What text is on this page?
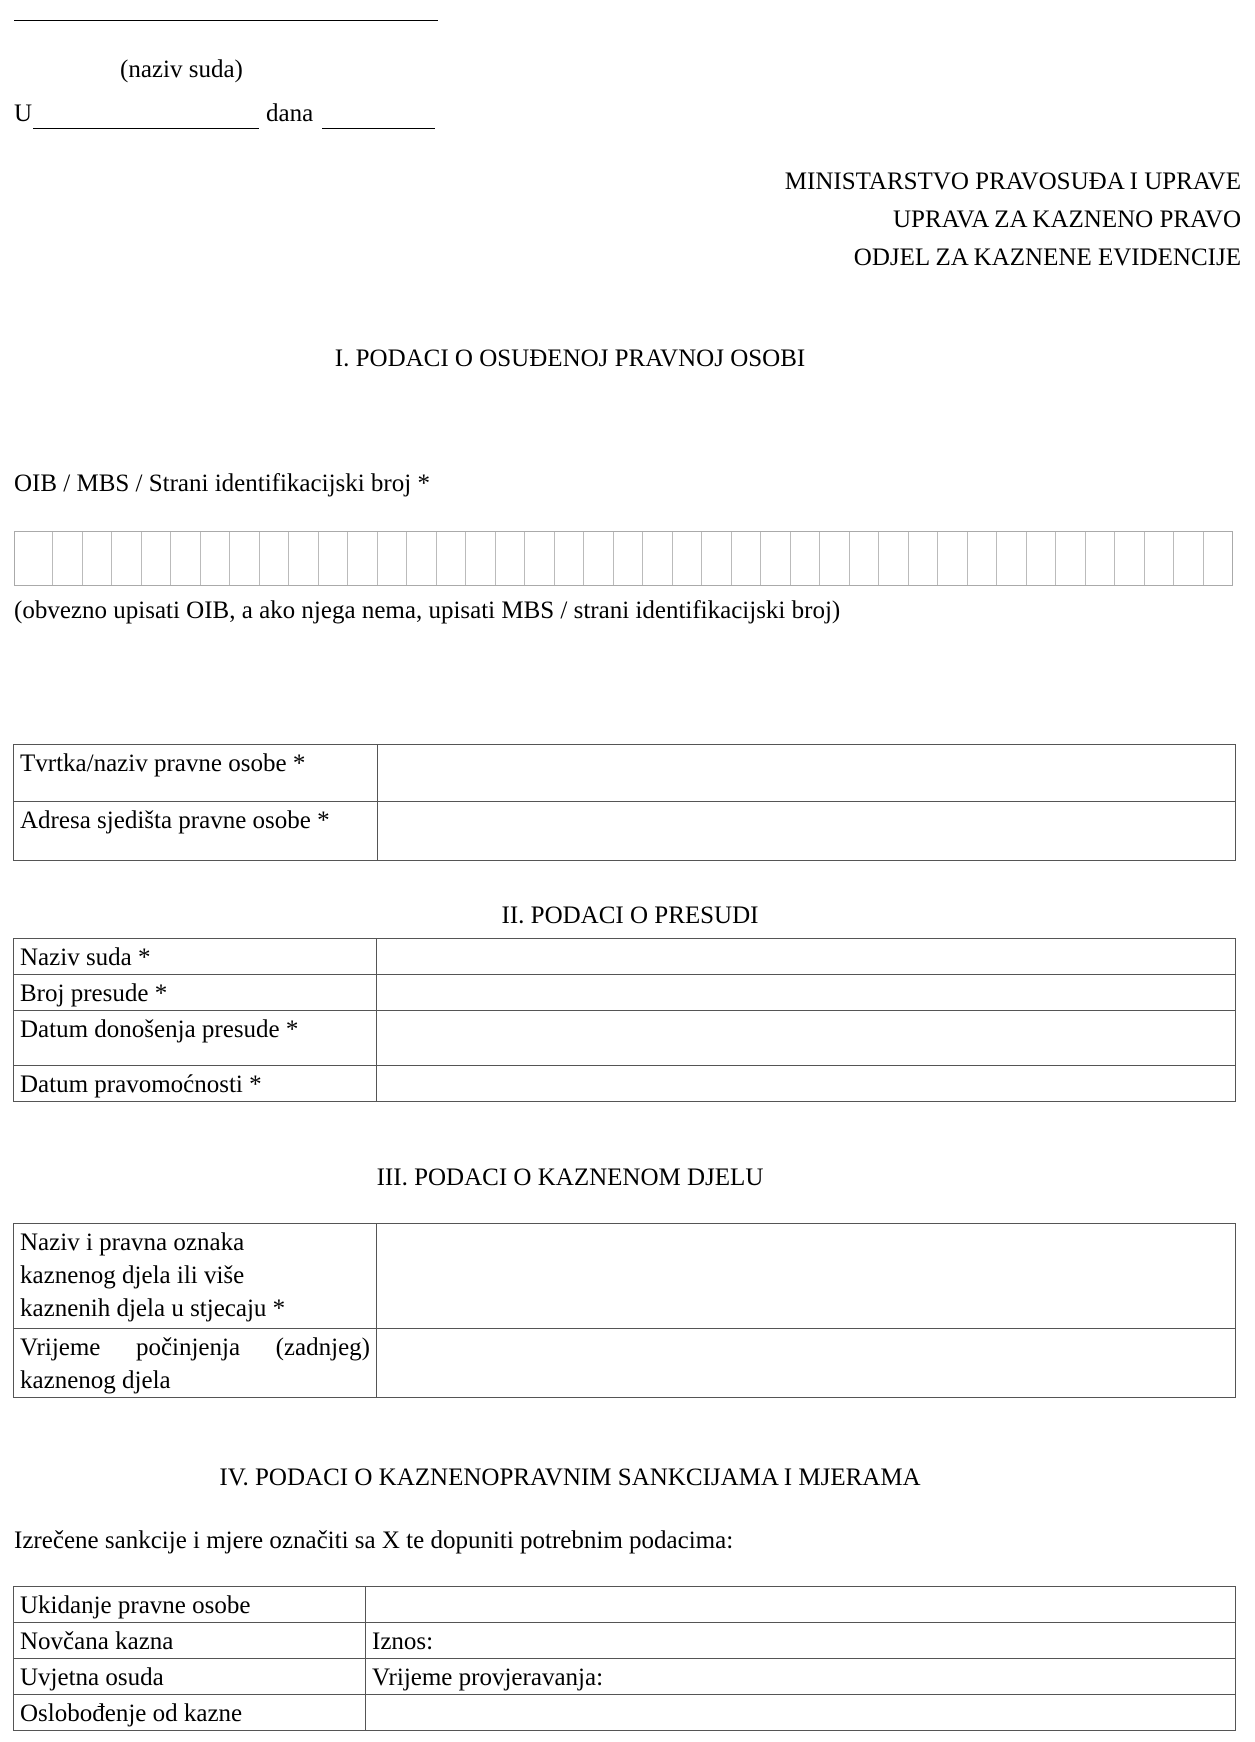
(naziv suda)
U	dana
MINISTARSTVO PRAVOSUĐA I UPRAVE
UPRAVA ZA KAZNENO PRAVO
ODJEL ZA KAZNENE EVIDENCIJE
I. PODACI O OSUĐENOJ PRAVNOJ OSOBI
OIB / MBS / Strani identifikacijski broj *
(obvezno upisati OIB, a ako njega nema, upisati MBS / strani identifikacijski broj)
Tvrtka/naziv pravne osobe *	
Adresa sjedišta pravne osobe *	
II. PODACI O PRESUDI
Naziv suda *	
Broj presude *	
Datum donošenja presude *	
Datum pravomoćnosti *	
III. PODACI O KAZNENOM DJELU
Naziv i pravna oznaka kaznenog djela ili više kaznenih djela u stjecaju *	
Vrijeme počinjenja (zadnjeg) kaznenog djela	
IV. PODACI O KAZNENOPRAVNIM SANKCIJAMA I MJERAMA
Izrečene sankcije i mjere označiti sa X te dopuniti potrebnim podacima:
Ukidanje pravne osobe	
Novčana kazna	Iznos:
Uvjetna osuda	Vrijeme provjeravanja:
Oslobođenje od kazne	
